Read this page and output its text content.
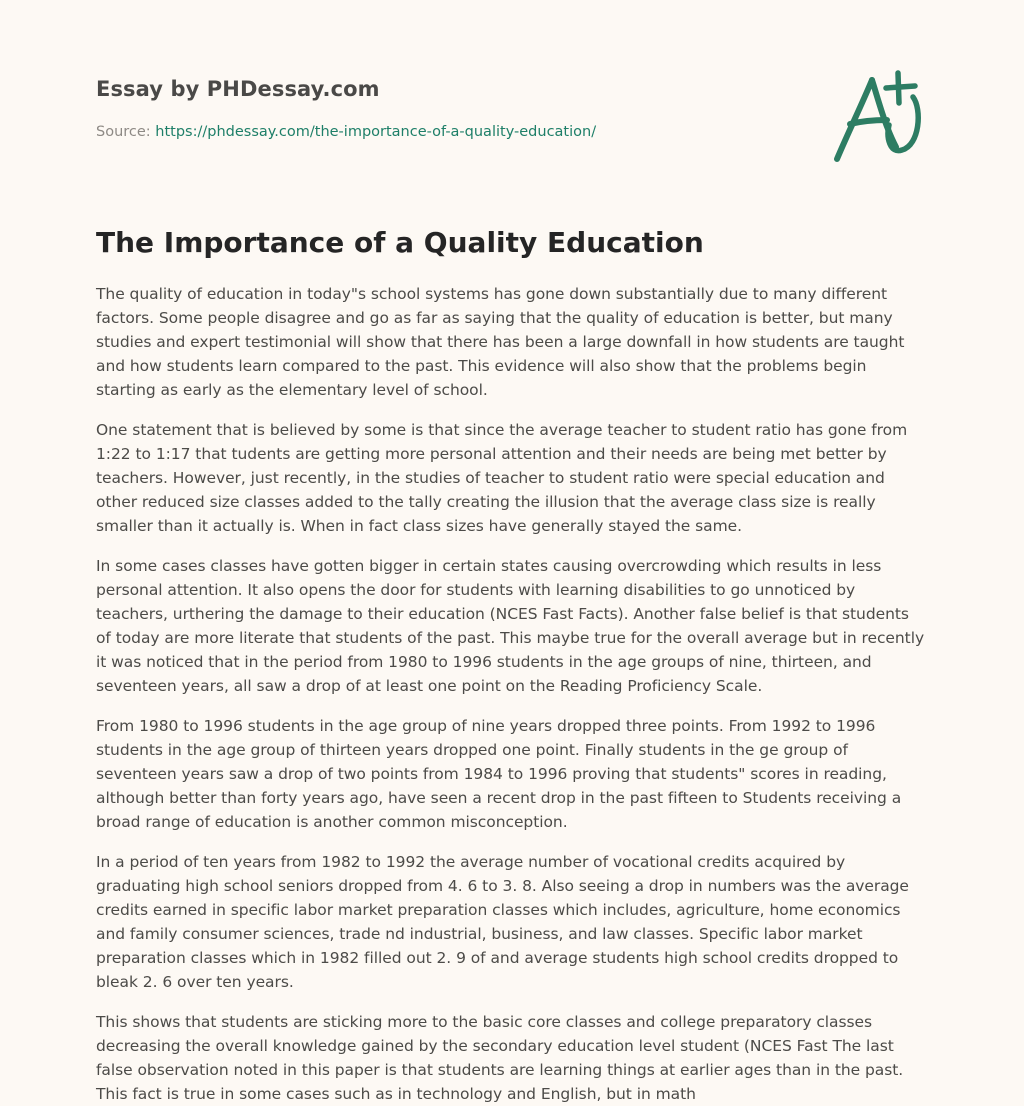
Essay by PHDessay.com
Source: https://phdessay.com/the-importance-of-a-quality-education/
The Importance of a Quality Education

The quality of education in today"s school systems has gone down substantially due to many different factors. Some people disagree and go as far as saying that the quality of education is better, but many studies and expert testimonial will show that there has been a large downfall in how students are taught and how students learn compared to the past. This evidence will also show that the problems begin starting as early as the elementary level of school.

One statement that is believed by some is that since the average teacher to student ratio has gone from 1:22 to 1:17 that tudents are getting more personal attention and their needs are being met better by teachers. However, just recently, in the studies of teacher to student ratio were special education and other reduced size classes added to the tally creating the illusion that the average class size is really smaller than it actually is. When in fact class sizes have generally stayed the same.

In some cases classes have gotten bigger in certain states causing overcrowding which results in less personal attention. It also opens the door for students with learning disabilities to go unnoticed by teachers, urthering the damage to their education (NCES Fast Facts). Another false belief is that students of today are more literate that students of the past. This maybe true for the overall average but in recently it was noticed that in the period from 1980 to 1996 students in the age groups of nine, thirteen, and seventeen years, all saw a drop of at least one point on the Reading Proficiency Scale.

From 1980 to 1996 students in the age group of nine years dropped three points. From 1992 to 1996 students in the age group of thirteen years dropped one point. Finally students in the ge group of seventeen years saw a drop of two points from 1984 to 1996 proving that students" scores in reading, although better than forty years ago, have seen a recent drop in the past fifteen to Students receiving a broad range of education is another common misconception.

In a period of ten years from 1982 to 1992 the average number of vocational credits acquired by graduating high school seniors dropped from 4. 6 to 3. 8. Also seeing a drop in numbers was the average credits earned in specific labor market preparation classes which includes, agriculture, home economics and family consumer sciences, trade nd industrial, business, and law classes. Specific labor market preparation classes which in 1982 filled out 2. 9 of and average students high school credits dropped to bleak 2. 6 over ten years.

This shows that students are sticking more to the basic core classes and college preparatory classes decreasing the overall knowledge gained by the secondary education level student (NCES Fast The last false observation noted in this paper is that students are learning things at earlier ages than in the past. This fact is true in some cases such as in technology and English, but in math
